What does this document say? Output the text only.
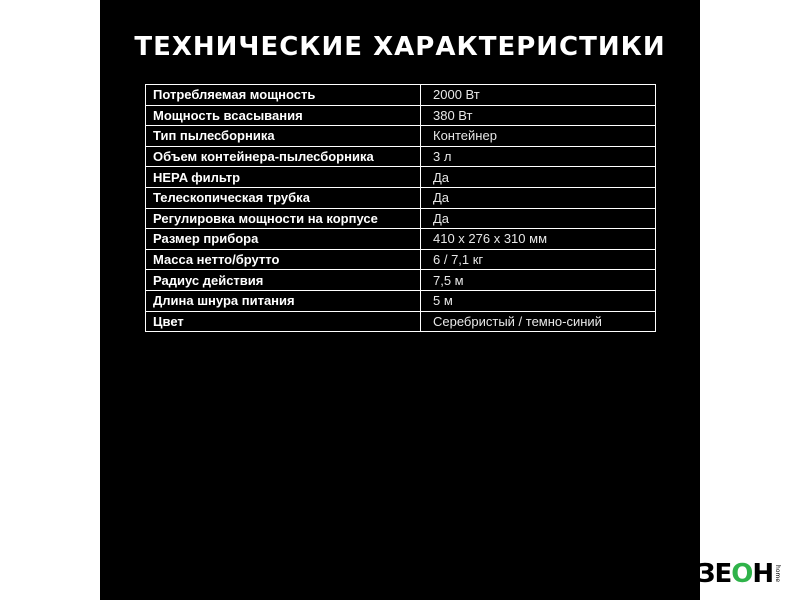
ТЕХНИЧЕСКИЕ ХАРАКТЕРИСТИКИ
Потребляемая мощность	2000 Вт
Мощность всасывания	380 Вт
Тип пылесборника	Контейнер
Объем контейнера-пылесборника	3 л
HEPA фильтр	Да
Телескопическая трубка	Да
Регулировка мощности на корпусе	Да
Размер прибора	410 х 276 х 310 мм
Масса нетто/брутто	6 / 7,1 кг
Радиус действия	7,5 м
Длина шнура питания	5 м
Цвет	Серебристый / темно-синий
ЗЕОН home
